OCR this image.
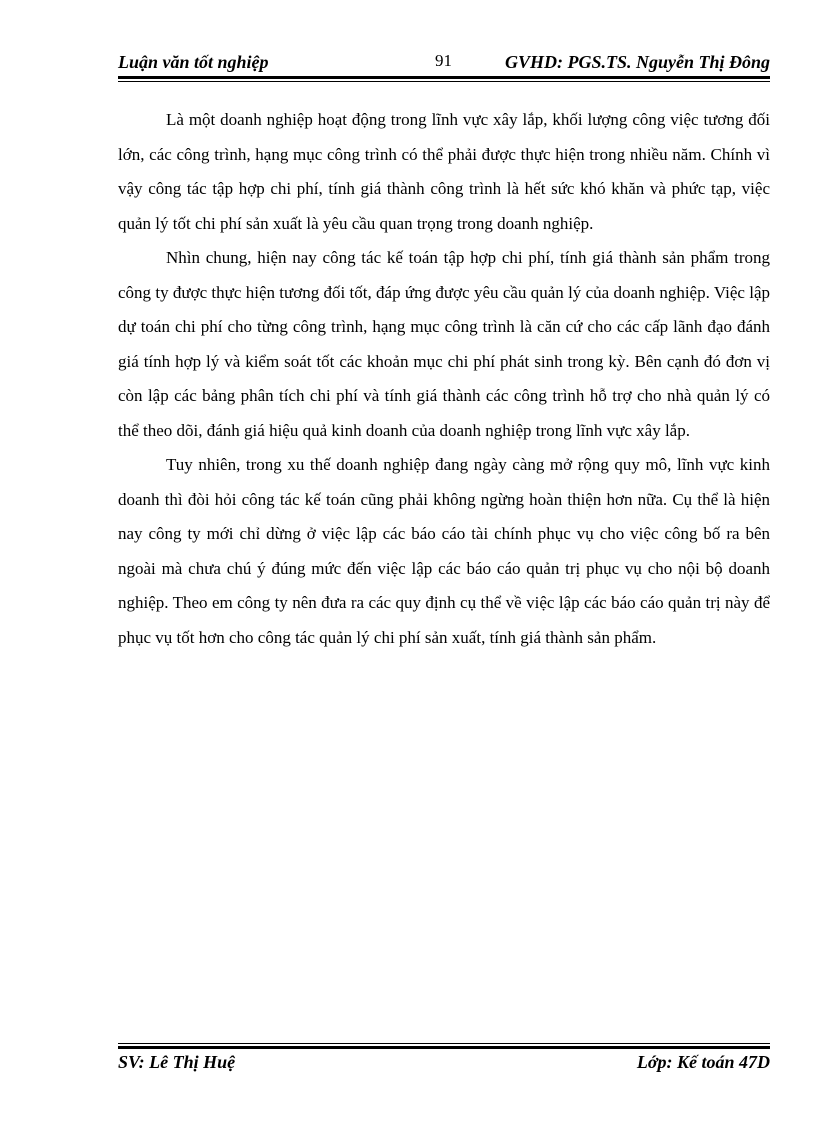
Luận văn tốt nghiệp	91	GVHD: PGS.TS. Nguyễn Thị Đông

Là một doanh nghiệp hoạt động trong lĩnh vực xây lắp, khối lượng công việc tương đối lớn, các công trình, hạng mục công trình có thể phải được thực hiện trong nhiều năm. Chính vì vậy công tác tập hợp chi phí, tính giá thành công trình là hết sức khó khăn và phức tạp, việc quản lý tốt chi phí sản xuất là yêu cầu quan trọng trong doanh nghiệp.

Nhìn chung, hiện nay công tác kế toán tập hợp chi phí, tính giá thành sản phẩm trong công ty được thực hiện tương đối tốt, đáp ứng được yêu cầu quản lý của doanh nghiệp. Việc lập dự toán chi phí cho từng công trình, hạng mục công trình là căn cứ cho các cấp lãnh đạo đánh giá tính hợp lý và kiểm soát tốt các khoản mục chi phí phát sinh trong kỳ. Bên cạnh đó đơn vị còn lập các bảng phân tích chi phí và tính giá thành các công trình hỗ trợ cho nhà quản lý có thể theo dõi, đánh giá hiệu quả kinh doanh của doanh nghiệp trong lĩnh vực xây lắp.

Tuy nhiên, trong xu thế doanh nghiệp đang ngày càng mở rộng quy mô, lĩnh vực kinh doanh thì đòi hỏi công tác kế toán cũng phải không ngừng hoàn thiện hơn nữa. Cụ thể là hiện nay công ty mới chỉ dừng ở việc lập các báo cáo tài chính phục vụ cho việc công bố ra bên ngoài mà chưa chú ý đúng mức đến việc lập các báo cáo quản trị phục vụ cho nội bộ doanh nghiệp. Theo em công ty nên đưa ra các quy định cụ thể về việc lập các báo cáo quản trị này để phục vụ tốt hơn cho công tác quản lý chi phí sản xuất, tính giá thành sản phẩm.

SV: Lê Thị Huệ	Lớp: Kế toán 47D
